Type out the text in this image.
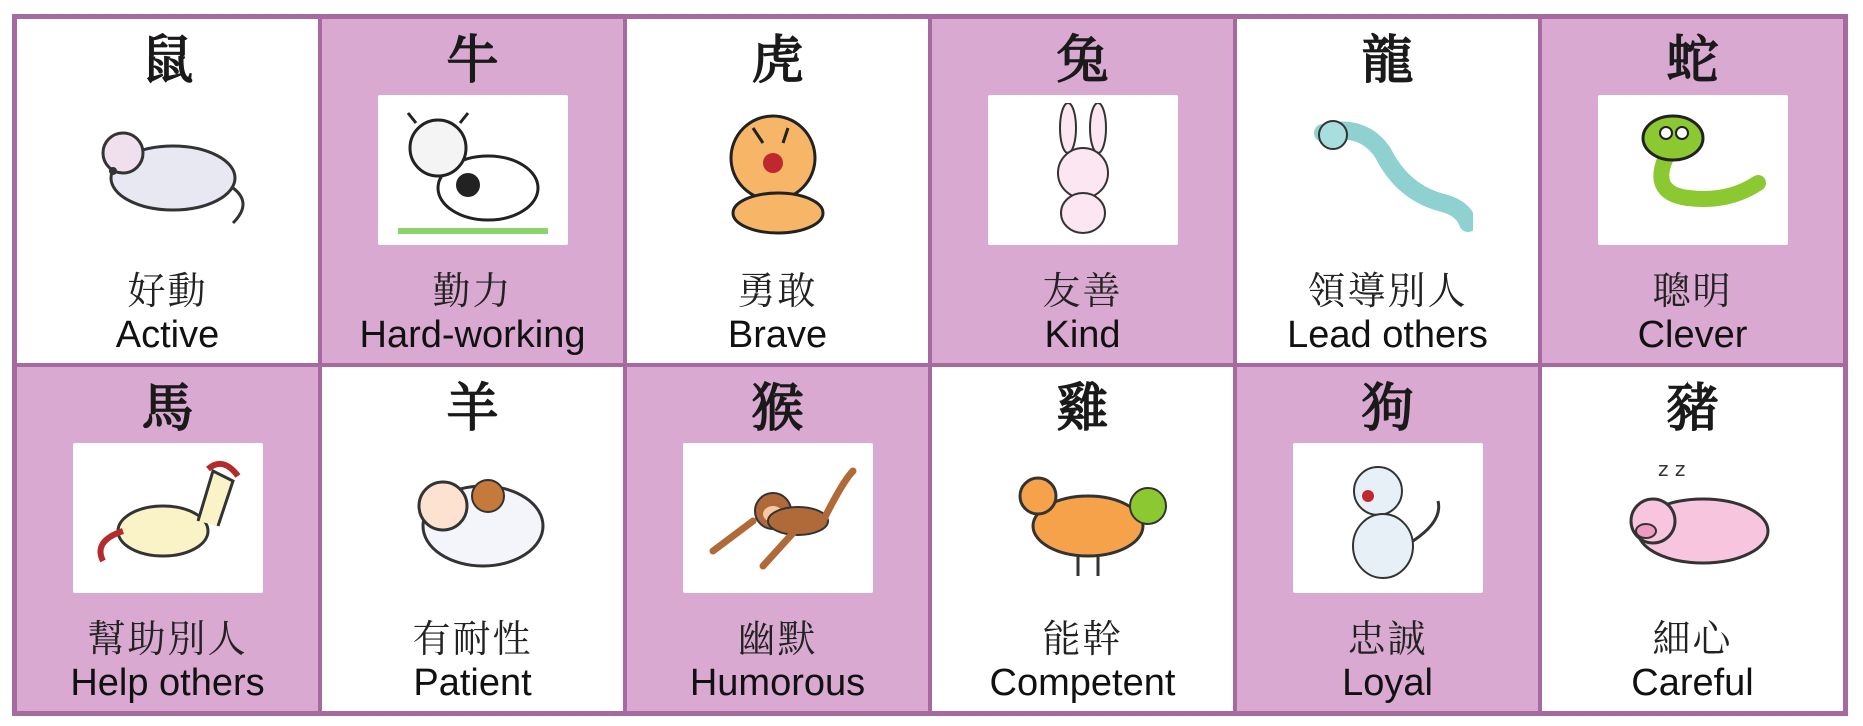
鼠
好動
Active
牛
勤力
Hard-working
虎
勇敢
Brave
兔
友善
Kind
龍
領導別人
Lead others
蛇
聰明
Clever
馬
幫助別人
Help others
羊
有耐性
Patient
猴
幽默
Humorous
雞
能幹
Competent
狗
忠誠
Loyal
豬
z z
細心
Careful
